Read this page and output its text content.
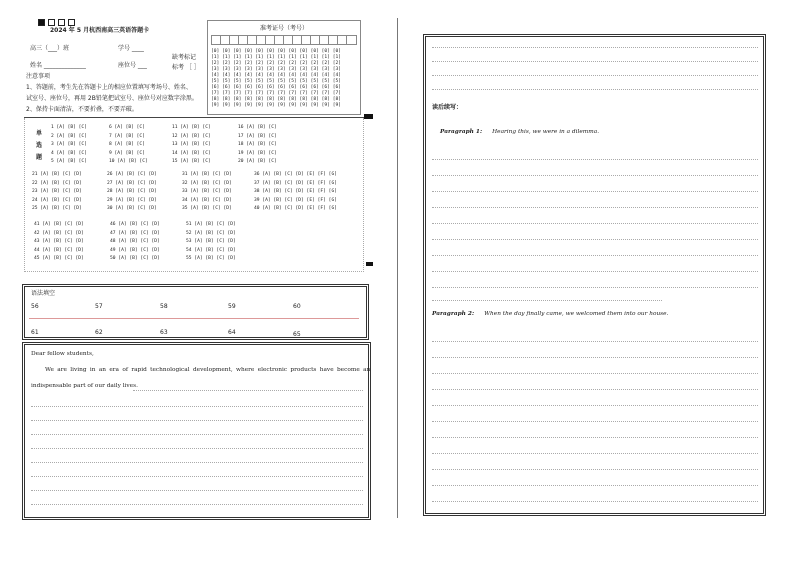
2024 年 5 月杭西南高三英语答题卡
高三（___）班	学号 ____
姓名 ______________	座位号 ___
缺考标记
标考 ［ ］
注意事项
1、答题前，考生先在答题卡上的相应位置填写考场号、姓名、
试室号、座位号，再用 2B铅笔把试室号、座位号对应数字涂黑。
2、保持卡面清洁，不要折叠，不要弄破。
准考证号（考号）
[0] [0] [0] [0] [0] [0] [0] [0] [0] [0] [0] [0]
[1] [1] [1] [1] [1] [1] [1] [1] [1] [1] [1] [1]
[2] [2] [2] [2] [2] [2] [2] [2] [2] [2] [2] [2]
[3] [3] [3] [3] [3] [3] [3] [3] [3] [3] [3] [3]
[4] [4] [4] [4] [4] [4] [4] [4] [4] [4] [4] [4]
[5] [5] [5] [5] [5] [5] [5] [5] [5] [5] [5] [5]
[6] [6] [6] [6] [6] [6] [6] [6] [6] [6] [6] [6]
[7] [7] [7] [7] [7] [7] [7] [7] [7] [7] [7] [7]
[8] [8] [8] [8] [8] [8] [8] [8] [8] [8] [8] [8]
[9] [9] [9] [9] [9] [9] [9] [9] [9] [9] [9] [9]
单
选
题
1 [A] [B] [C]	6 [A] [B] [C]	11 [A] [B] [C]	16 [A] [B] [C]
2 [A] [B] [C]	7 [A] [B] [C]	12 [A] [B] [C]	17 [A] [B] [C]
3 [A] [B] [C]	8 [A] [B] [C]	13 [A] [B] [C]	18 [A] [B] [C]
4 [A] [B] [C]	9 [A] [B] [C]	14 [A] [B] [C]	19 [A] [B] [C]
5 [A] [B] [C]	10 [A] [B] [C]	15 [A] [B] [C]	20 [A] [B] [C]
21 [A] [B] [C] [D]	26 [A] [B] [C] [D]	31 [A] [B] [C] [D]	36 [A] [B] [C] [D] [E] [F] [G]
22 [A] [B] [C] [D]	27 [A] [B] [C] [D]	32 [A] [B] [C] [D]	37 [A] [B] [C] [D] [E] [F] [G]
23 [A] [B] [C] [D]	28 [A] [B] [C] [D]	33 [A] [B] [C] [D]	38 [A] [B] [C] [D] [E] [F] [G]
24 [A] [B] [C] [D]	29 [A] [B] [C] [D]	34 [A] [B] [C] [D]	39 [A] [B] [C] [D] [E] [F] [G]
25 [A] [B] [C] [D]	30 [A] [B] [C] [D]	35 [A] [B] [C] [D]	40 [A] [B] [C] [D] [E] [F] [G]
41 [A] [B] [C] [D]	46 [A] [B] [C] [D]	51 [A] [B] [C] [D]
42 [A] [B] [C] [D]	47 [A] [B] [C] [D]	52 [A] [B] [C] [D]
43 [A] [B] [C] [D]	48 [A] [B] [C] [D]	53 [A] [B] [C] [D]
44 [A] [B] [C] [D]	49 [A] [B] [C] [D]	54 [A] [B] [C] [D]
45 [A] [B] [C] [D]	50 [A] [B] [C] [D]	55 [A] [B] [C] [D]
语法填空
56	57	58	59	60
61	62	63	64	65
Dear fellow students,
We are living in an era of rapid technological development, where electronic products have become an
indispensable part of our daily lives.
读后续写：
Paragraph 1: Hearing this, we were in a dilemma.
Paragraph 2: When the day finally came, we welcomed them into our house.
